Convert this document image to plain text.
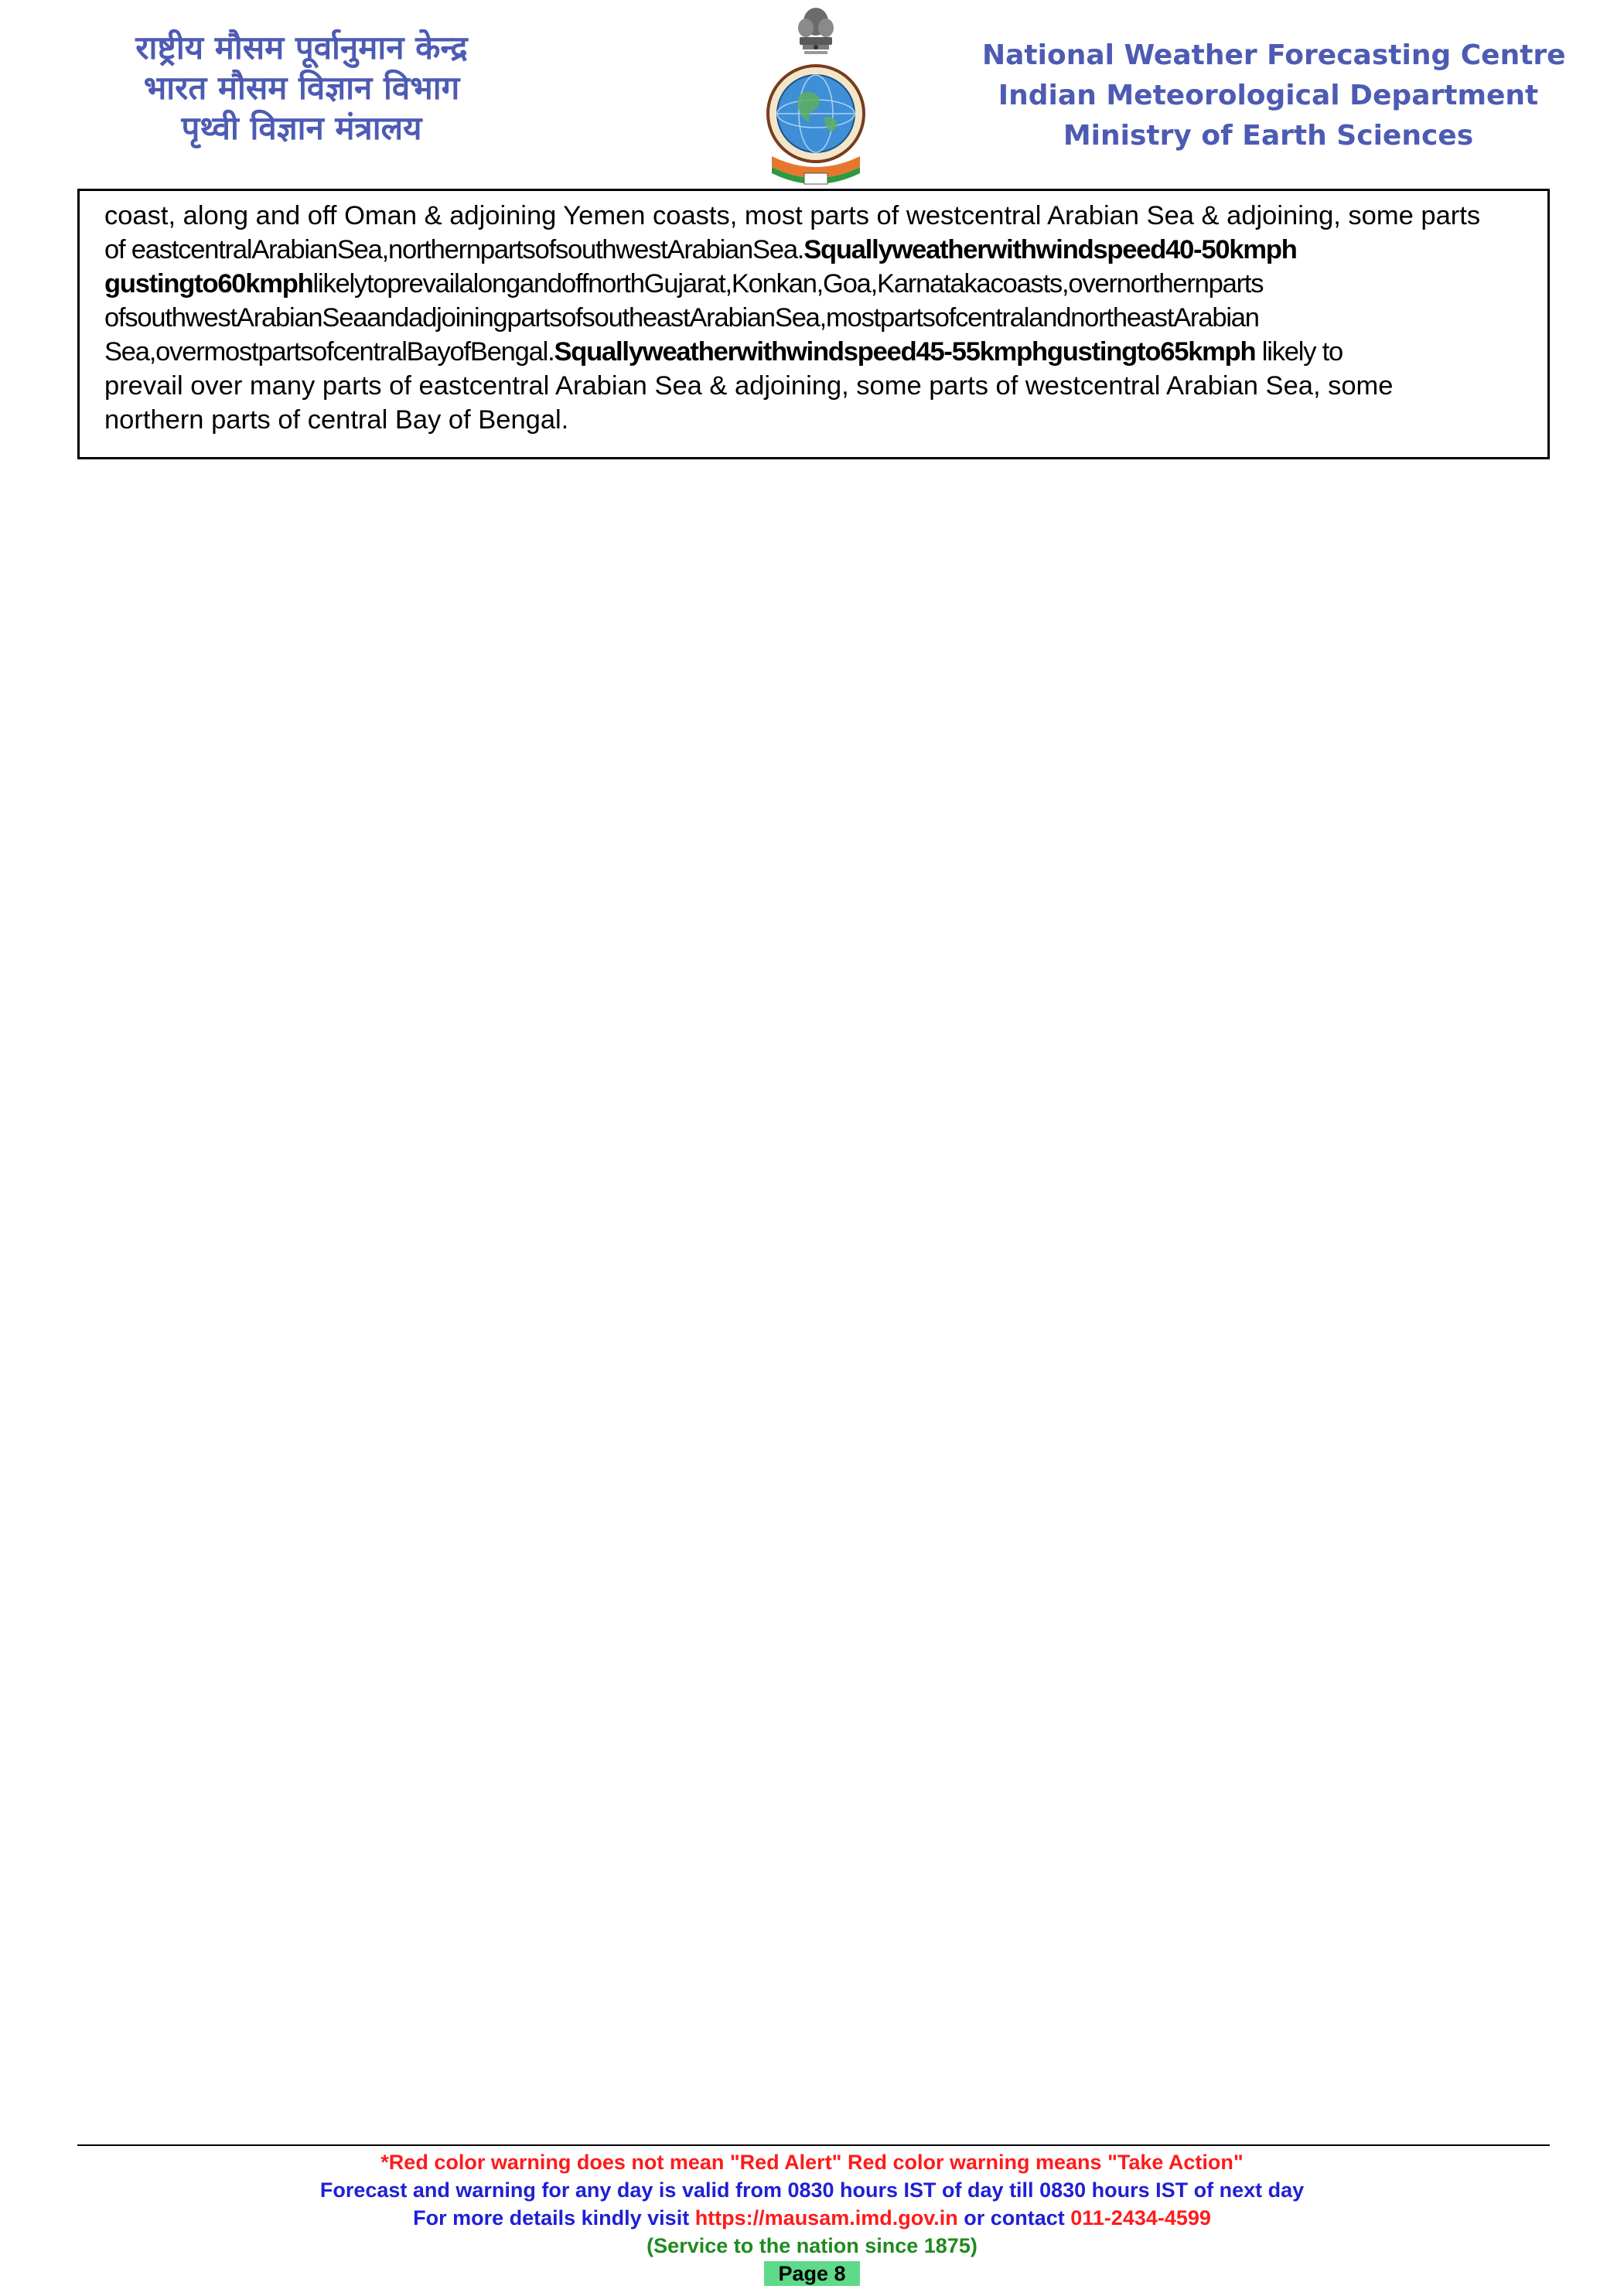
राष्ट्रीय मौसम पूर्वानुमान केन्द्र
भारत मौसम विज्ञान विभाग
पृथ्वी विज्ञान मंत्रालय
National Weather Forecasting Centre
Indian Meteorological Department
Ministry of Earth Sciences
coast, along and off Oman & adjoining Yemen coasts, most parts of westcentral Arabian Sea & adjoining, some parts
of eastcentralArabianSea,northernpartsofsouthwestArabianSea.Squallyweatherwithwindspeed40-50kmph
gustingto60kmphlikelytoprevailalongandoffnorthGujarat,Konkan,Goa,Karnatakacoasts,overnorthernparts
ofsouthwestArabianSeaandadjoiningpartsofsoutheastArabianSea,mostpartsofcentralandnortheastArabian
Sea,overmostpartsofcentralBayofBengal.Squallyweatherwithwindspeed45-55kmphgustingto65kmph likely to
prevail over many parts of eastcentral Arabian Sea & adjoining, some parts of westcentral Arabian Sea, some
northern parts of central Bay of Bengal.
*Red color warning does not mean "Red Alert" Red color warning means "Take Action"
Forecast and warning for any day is valid from 0830 hours IST of day till 0830 hours IST of next day
For more details kindly visit https://mausam.imd.gov.in or contact 011-2434-4599
(Service to the nation since 1875)
Page 8
